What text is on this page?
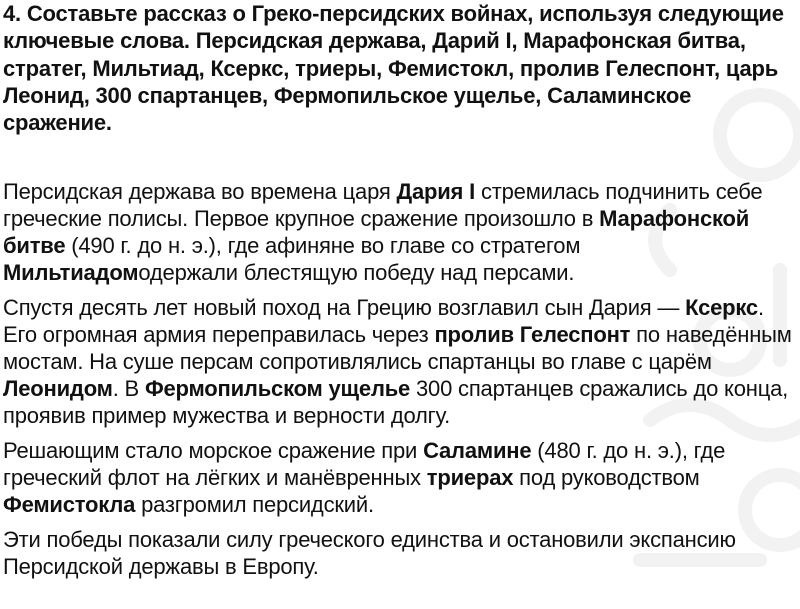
4. Составьте рассказ о Греко-персидских войнах, используя следующие ключевые слова. Персидская держава, Дарий I, Марафонская битва, стратег, Мильтиад, Ксеркс, триеры, Фемистокл, пролив Гелеспонт, царь Леонид, 300 спартанцев, Фермопильское ущелье, Саламинское сражение.

Персидская держава во времена царя Дария I стремилась подчинить себе греческие полисы. Первое крупное сражение произошло в Марафонской битве (490 г. до н. э.), где афиняне во главе со стратегом Мильтиадомодержали блестящую победу над персами.

Спустя десять лет новый поход на Грецию возглавил сын Дария — Ксеркс. Его огромная армия переправилась через пролив Гелеспонт по наведённым мостам. На суше персам сопротивлялись спартанцы во главе с царём Леонидом. В Фермопильском ущелье 300 спартанцев сражались до конца, проявив пример мужества и верности долгу.

Решающим стало морское сражение при Саламине (480 г. до н. э.), где греческий флот на лёгких и манёвренных триерах под руководством Фемистокла разгромил персидский.

Эти победы показали силу греческого единства и остановили экспансию Персидской державы в Европу.
